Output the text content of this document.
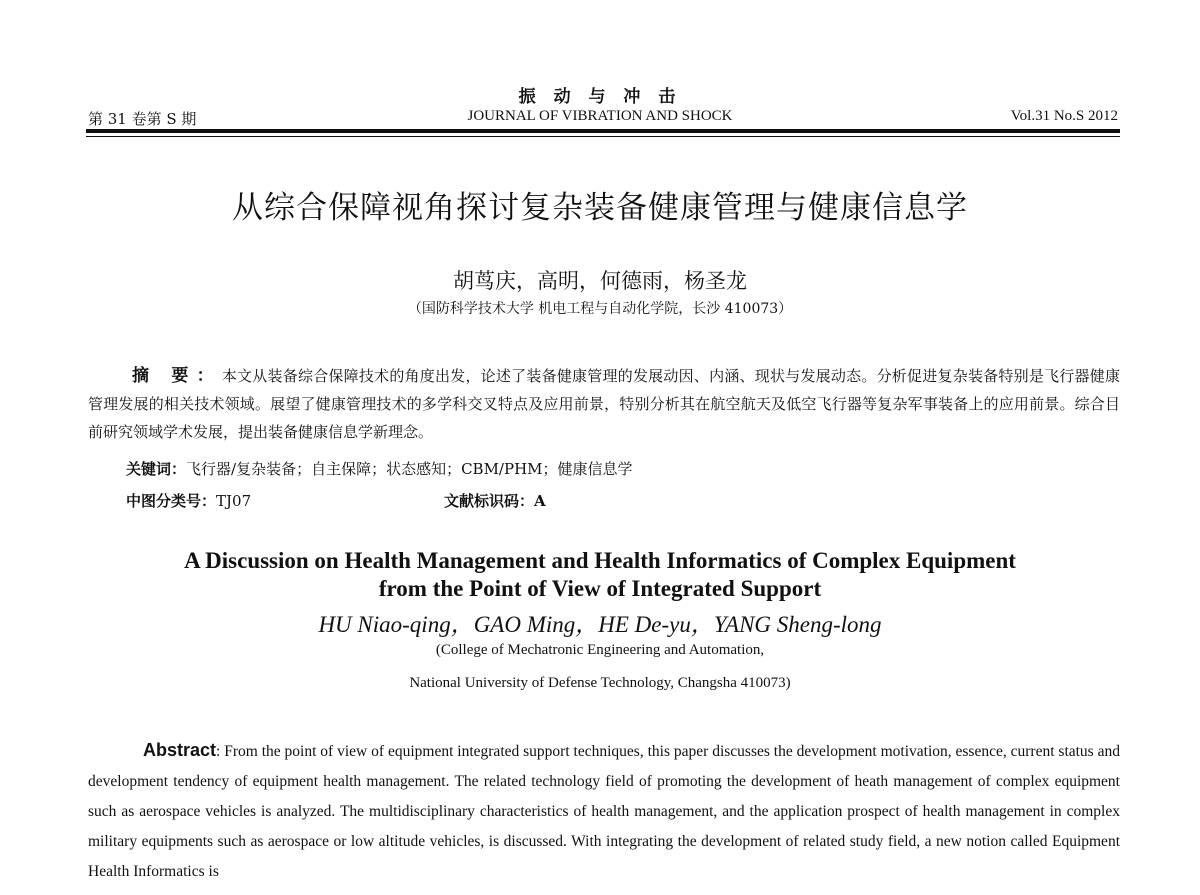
振 动 与 冲 击
第 31 卷第 S 期	JOURNAL OF VIBRATION AND SHOCK	Vol.31 No.S 2012
从综合保障视角探讨复杂装备健康管理与健康信息学
胡茑庆，高明，何德雨，杨圣龙
（国防科学技术大学 机电工程与自动化学院，长沙 410073）
摘 要：本文从装备综合保障技术的角度出发，论述了装备健康管理的发展动因、内涵、现状与发展动态。分析促进复杂装备特别是飞行器健康管理发展的相关技术领域。展望了健康管理技术的多学科交叉特点及应用前景，特别分析其在航空航天及低空飞行器等复杂军事装备上的应用前景。综合目前研究领域学术发展，提出装备健康信息学新理念。
关键词：飞行器/复杂装备；自主保障；状态感知；CBM/PHM；健康信息学
中图分类号：TJ07	文献标识码：A
A Discussion on Health Management and Health Informatics of Complex Equipment
from the Point of View of Integrated Support
HU Niao-qing，GAO Ming，HE De-yu，YANG Sheng-long
(College of Mechatronic Engineering and Automation,
National University of Defense Technology, Changsha 410073)
Abstract: From the point of view of equipment integrated support techniques, this paper discusses the development motivation, essence, current status and development tendency of equipment health management. The related technology field of promoting the development of heath management of complex equipment such as aerospace vehicles is analyzed. The multidisciplinary characteristics of health management, and the application prospect of health management in complex military equipments such as aerospace or low altitude vehicles, is discussed. With integrating the development of related study field, a new notion called Equipment Health Informatics is
